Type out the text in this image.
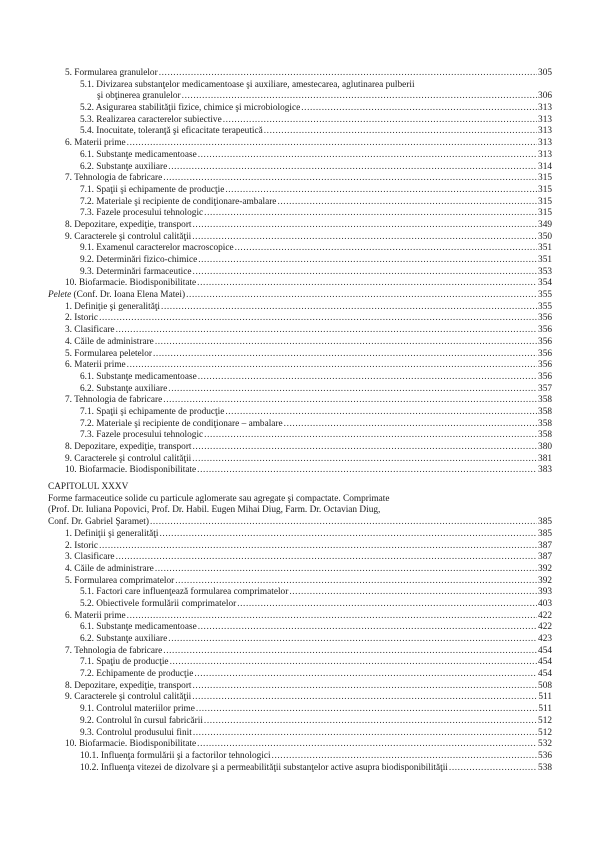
5. Formularea granulelor .....	305
5.1. Divizarea substanţelor medicamentoase şi auxiliare, amestecarea, aglutinarea pulberii
şi obţinerea granulelor .....	306
5.2. Asigurarea stabilităţii fizice, chimice şi microbiologice .....	313
5.3. Realizarea caracterelor subiective .....	313
5.4. Inocuitate, toleranţă şi eficacitate terapeutică .....	313
6. Materii prime .....	313
6.1. Substanţe medicamentoase .....	313
6.2. Substanţe auxiliare .....	314
7. Tehnologia de fabricare .....	315
7.1. Spaţii şi echipamente de producţie .....	315
7.2. Materiale şi recipiente de condiţionare-ambalare .....	315
7.3. Fazele procesului tehnologic .....	315
8. Depozitare, expediţie, transport .....	349
9. Caracterele şi controlul calităţii .....	350
9.1. Examenul caracterelor macroscopice .....	351
9.2. Determinări fizico-chimice .....	351
9.3. Determinări farmaceutice .....	353
10. Biofarmacie. Biodisponibilitate .....	354
Pelete (Conf. Dr. Ioana Elena Matei) .....	355
1. Definiţie şi generalităţi .....	355
2. Istoric .....	356
3. Clasificare .....	356
4. Căile de administrare .....	356
5. Formularea peletelor .....	356
6. Materii prime .....	356
6.1. Substanţe medicamentoase .....	356
6.2. Substanţe auxiliare .....	357
7. Tehnologia de fabricare .....	358
7.1. Spaţii şi echipamente de producţie .....	358
7.2. Materiale şi recipiente de condiţionare – ambalare .....	358
7.3. Fazele procesului tehnologic .....	358
8. Depozitare, expediţie, transport .....	380
9. Caracterele şi controlul calităţii .....	381
10. Biofarmacie. Biodisponibilitate .....	383
CAPITOLUL XXXV
Forme farmaceutice solide cu particule aglomerate sau agregate şi compactate. Comprimate
(Prof. Dr. Iuliana Popovici, Prof. Dr. Habil. Eugen Mihai Diug, Farm. Dr. Octavian Diug,
Conf. Dr. Gabriel Şaramet) .....	385
1. Definiţii şi generalităţi .....	385
2. Istoric .....	387
3. Clasificare .....	387
4. Căile de administrare .....	392
5. Formularea comprimatelor .....	392
5.1. Factori care influenţează formularea comprimatelor .....	393
5.2. Obiectivele formulării comprimatelor .....	403
6. Materii prime .....	422
6.1. Substanţe medicamentoase .....	422
6.2. Substanţe auxiliare .....	423
7. Tehnologia de fabricare .....	454
7.1. Spaţiu de producţie .....	454
7.2. Echipamente de producţie .....	454
8. Depozitare, expediţie, transport .....	508
9. Caracterele şi controlul calităţii .....	511
9.1. Controlul materiilor prime .....	511
9.2. Controlul în cursul fabricării .....	512
9.3. Controlul produsului finit .....	512
10. Biofarmacie. Biodisponibilitate .....	532
10.1. Influenţa formulării şi a factorilor tehnologici .....	536
10.2. Influenţa vitezei de dizolvare şi a permeabilităţii substanţelor active asupra biodisponibilităţii .....	538
